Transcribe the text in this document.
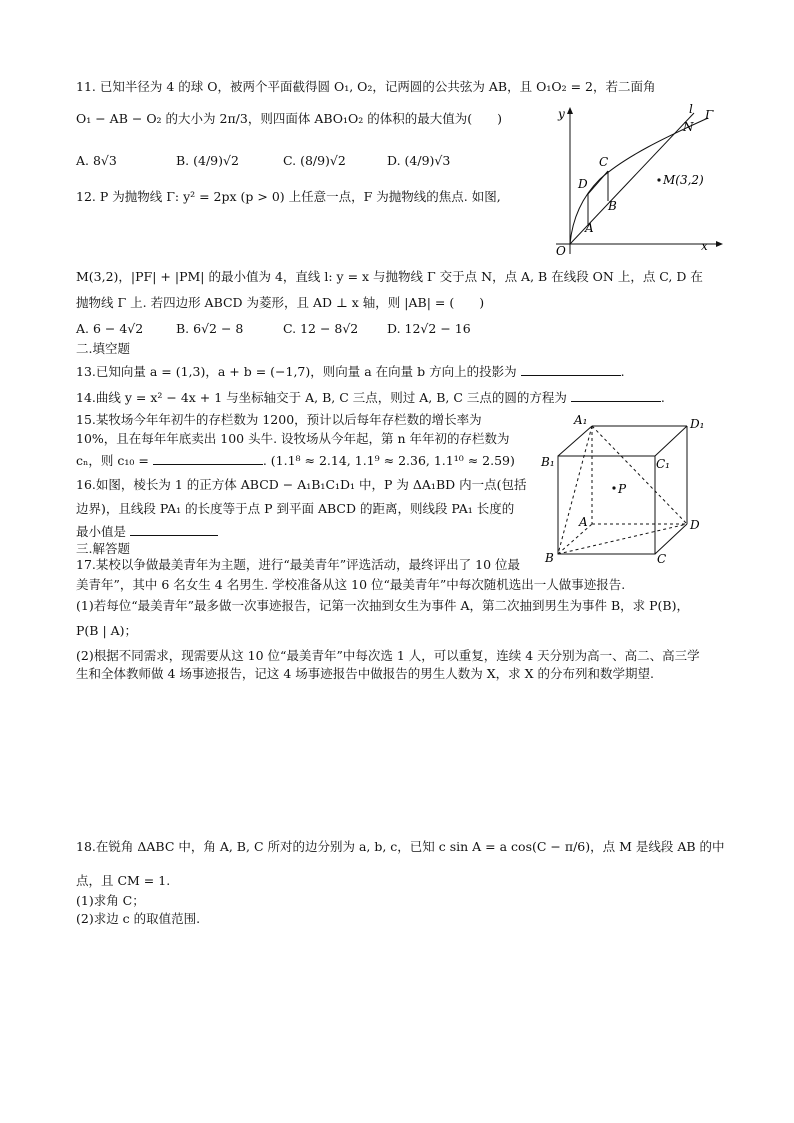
11. 已知半径为 4 的球 O，被两个平面截得圆 O₁, O₂，记两圆的公共弦为 AB，且 O₁O₂ = 2，若二面角
O₁ − AB − O₂ 的大小为 2π/3，则四面体 ABO₁O₂ 的体积的最大值为(　　)
A. 8√3	B. (4/9)√2	C. (8/9)√2	D. (4/9)√3
12. P 为抛物线 Γ: y² = 2px (p > 0) 上任意一点，F 为抛物线的焦点. 如图,
M(3,2)，|PF| + |PM| 的最小值为 4，直线 l: y = x 与抛物线 Γ 交于点 N，点 A, B 在线段 ON 上，点 C, D 在
抛物线 Γ 上. 若四边形 ABCD 为菱形，且 AD ⊥ x 轴，则 |AB| = (　　)
A. 6 − 4√2	B. 6√2 − 8	C. 12 − 8√2 D. 12√2 − 16
y
x
O
l Γ
N
C
D
B
A
M(3,2)
二.填空题
13.已知向量 a = (1,3)，a + b = (−1,7)，则向量 a 在向量 b 方向上的投影为	.
14.曲线 y = x² − 4x + 1 与坐标轴交于 A, B, C 三点，则过 A, B, C 三点的圆的方程为	.
15.某牧场今年年初牛的存栏数为 1200，预计以后每年存栏数的增长率为
10%，且在每年年底卖出 100 头牛. 设牧场从今年起，第 n 年年初的存栏数为
cₙ，则 c₁₀ =	. (1.1⁸ ≈ 2.14, 1.1⁹ ≈ 2.36, 1.1¹⁰ ≈ 2.59)
16.如图，棱长为 1 的正方体 ABCD − A₁B₁C₁D₁ 中，P 为 ΔA₁BD 内一点(包括
边界)，且线段 PA₁ 的长度等于点 P 到平面 ABCD 的距离，则线段 PA₁ 长度的
最小值是
A₁	D₁
B₁	C₁
P
A	D
B	C
三.解答题
17.某校以争做最美青年为主题，进行“最美青年”评选活动，最终评出了 10 位最
美青年”，其中 6 名女生 4 名男生. 学校准备从这 10 位“最美青年”中每次随机选出一人做事迹报告.
(1)若每位“最美青年”最多做一次事迹报告，记第一次抽到女生为事件 A，第二次抽到男生为事件 B，求 P(B)，
P(B | A)；
(2)根据不同需求，现需要从这 10 位“最美青年”中每次选 1 人，可以重复，连续 4 天分别为高一、高二、高三学
生和全体教师做 4 场事迹报告，记这 4 场事迹报告中做报告的男生人数为 X，求 X 的分布列和数学期望.
18.在锐角 ΔABC 中，角 A, B, C 所对的边分别为 a, b, c，已知 c sin A = a cos(C − π/6)，点 M 是线段 AB 的中
点，且 CM = 1.
(1)求角 C；
(2)求边 c 的取值范围.
